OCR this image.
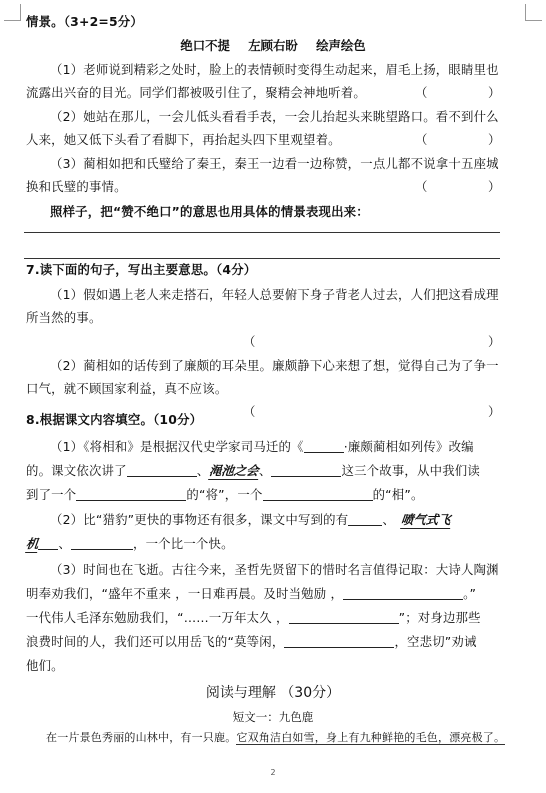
情景。（3+2=5分）
绝口不提 左顾右盼 绘声绘色
（1）老师说到精彩之处时，脸上的表情顿时变得生动起来，眉毛上扬，眼睛里也
流露出兴奋的目光。同学们都被吸引住了，聚精会神地听着。	（	）
（2）她站在那儿，一会儿低头看看手表，一会儿抬起头来眺望路口。看不到什么
人来，她又低下头看了看脚下，再抬起头四下里观望着。	（	）
（3）蔺相如把和氏璧给了秦王，秦王一边看一边称赞，一点儿都不说拿十五座城
换和氏璧的事情。	（	）
照样子，把“赞不绝口”的意思也用具体的情景表现出来：
7.读下面的句子，写出主要意思。（4分）
（1）假如遇上老人来走搭石，年轻人总要俯下身子背老人过去，人们把这看成理
所当然的事。
（	）
（2）蔺相如的话传到了廉颇的耳朵里。廉颇静下心来想了想，觉得自己为了争一
口气，就不顾国家利益，真不应该。
（	）
8.根据课文内容填空。（10分）
（1）《将相和》是根据汉代史学家司马迁的《	·廉颇蔺相如列传》改编
的。课文依次讲了	、渑池之会、	这三个故事，从中我们读
到了一个	的“将”，一个	的“相”。
（2）比“猎豹”更快的事物还有很多，课文中写到的有	、 喷气式飞
机 、	，一个比一个快。
（3）时间也在飞逝。古往今来，圣哲先贤留下的惜时名言值得记取：大诗人陶渊
明奉劝我们，“盛年不重来 ，一日难再晨。及时当勉励 ，	。”
一代伟人毛泽东勉励我们，“……一万年太久 ，	”；对身边那些
浪费时间的人，我们还可以用岳飞的“莫等闲，	，空悲切”劝诫
他们。
阅读与理解 （30分）
短文一：九色鹿
在一片景色秀丽的山林中，有一只鹿。它双角洁白如雪，身上有九种鲜艳的毛色，漂亮极了。
2
